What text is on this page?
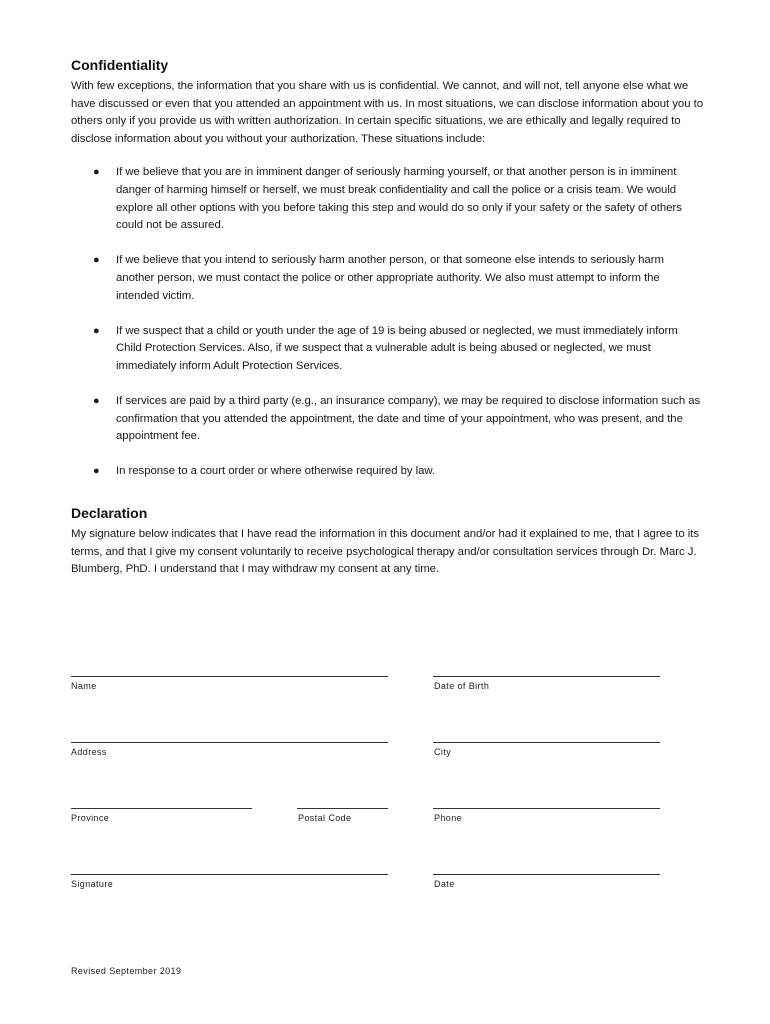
Confidentiality

With few exceptions, the information that you share with us is confidential. We cannot, and will not, tell anyone else what we have discussed or even that you attended an appointment with us. In most situations, we can disclose information about you to others only if you provide us with written authorization. In certain specific situations, we are ethically and legally required to disclose information about you without your authorization. These situations include:

● If we believe that you are in imminent danger of seriously harming yourself, or that another person is in imminent danger of harming himself or herself, we must break confidentiality and call the police or a crisis team. We would explore all other options with you before taking this step and would do so only if your safety or the safety of others could not be assured.
● If we believe that you intend to seriously harm another person, or that someone else intends to seriously harm another person, we must contact the police or other appropriate authority. We also must attempt to inform the intended victim.
● If we suspect that a child or youth under the age of 19 is being abused or neglected, we must immediately inform Child Protection Services. Also, if we suspect that a vulnerable adult is being abused or neglected, we must immediately inform Adult Protection Services.
● If services are paid by a third party (e.g., an insurance company), we may be required to disclose information such as confirmation that you attended the appointment, the date and time of your appointment, who was present, and the appointment fee.
● In response to a court order or where otherwise required by law.
Declaration

My signature below indicates that I have read the information in this document and/or had it explained to me, that I agree to its terms, and that I give my consent voluntarily to receive psychological therapy and/or consultation services through Dr. Marc J. Blumberg, PhD. I understand that I may withdraw my consent at any time.

Name	Date of Birth
Address	City
Province	Postal Code	Phone
Signature	Date
Revised September 2019
